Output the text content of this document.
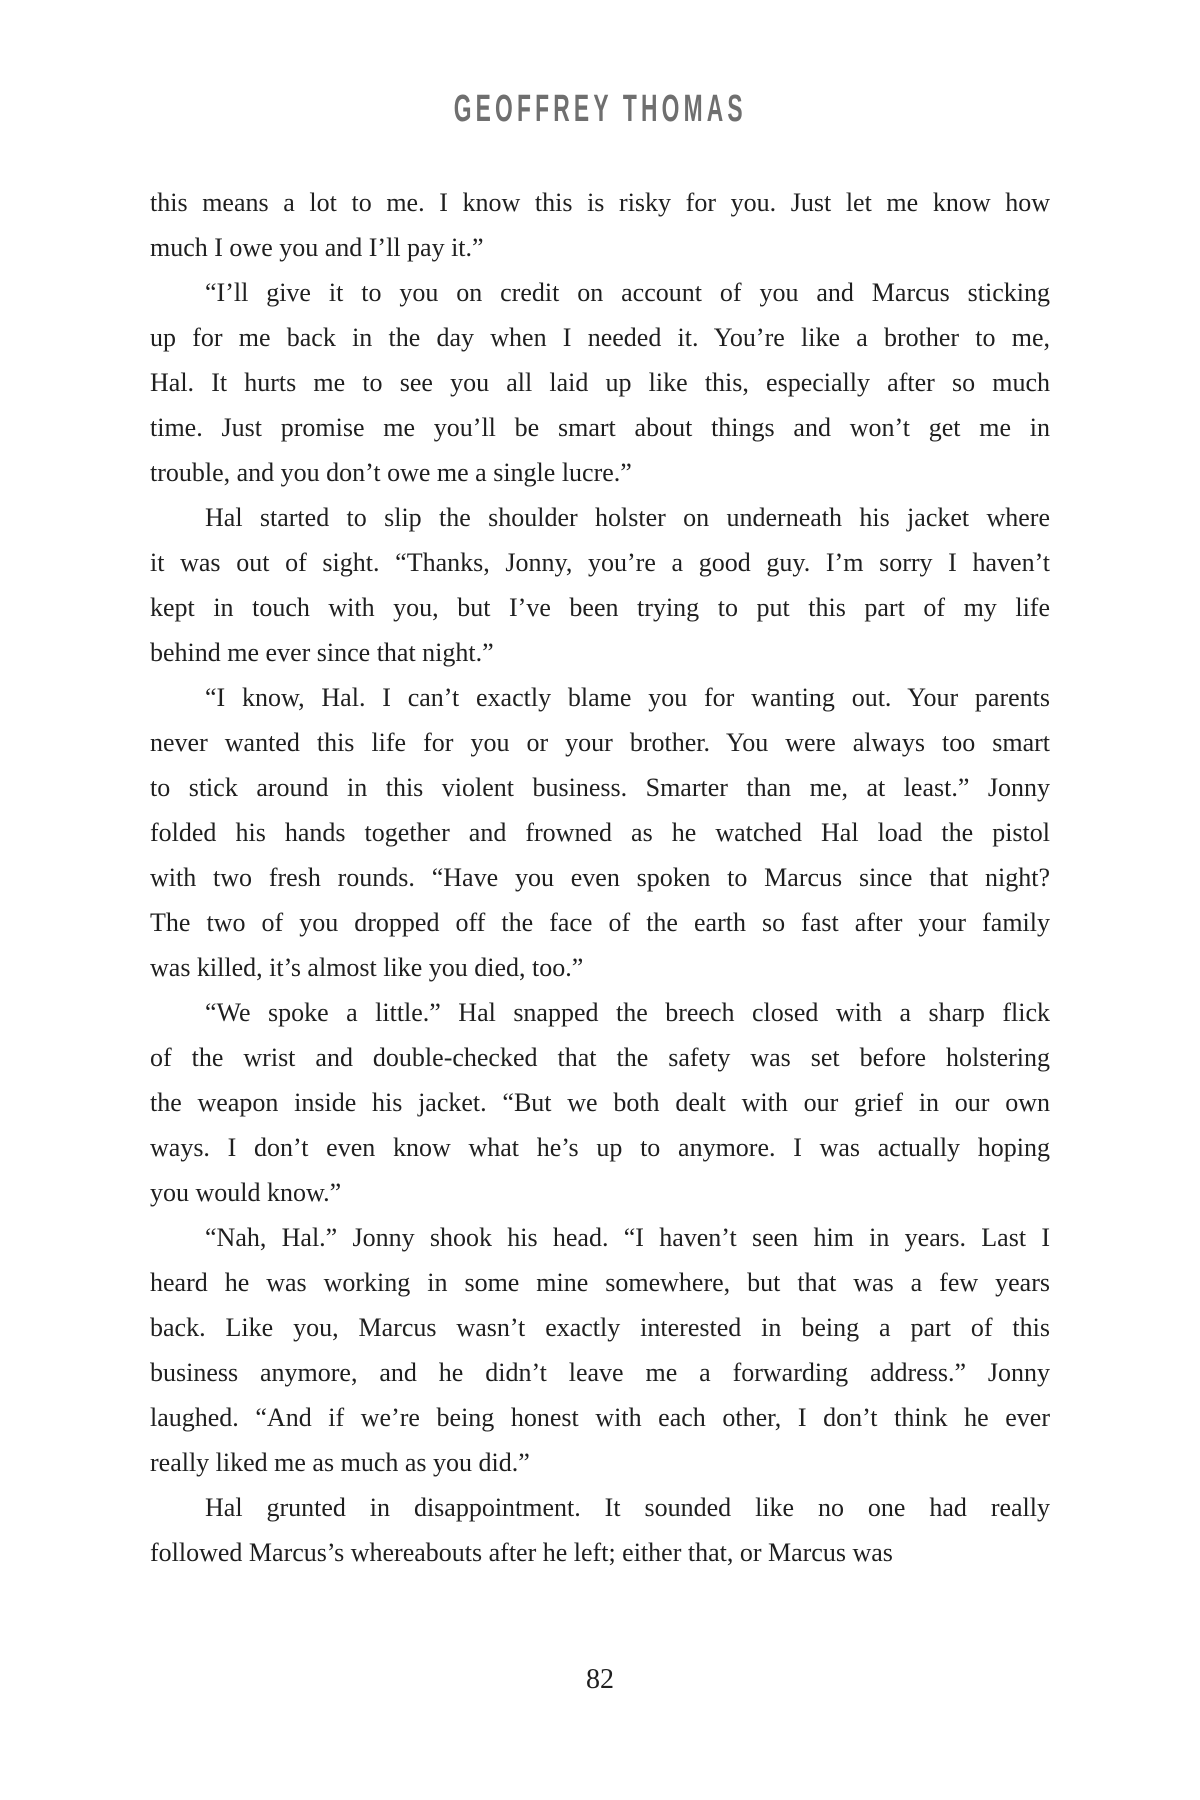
GEOFFREY THOMAS
this means a lot to me. I know this is risky for you. Just let me know how
much I owe you and I’ll pay it.”
“I’ll give it to you on credit on account of you and Marcus sticking
up for me back in the day when I needed it. You’re like a brother to me,
Hal. It hurts me to see you all laid up like this, especially after so much
time. Just promise me you’ll be smart about things and won’t get me in
trouble, and you don’t owe me a single lucre.”
Hal started to slip the shoulder holster on underneath his jacket where
it was out of sight. “Thanks, Jonny, you’re a good guy. I’m sorry I haven’t
kept in touch with you, but I’ve been trying to put this part of my life
behind me ever since that night.”
“I know, Hal. I can’t exactly blame you for wanting out. Your parents
never wanted this life for you or your brother. You were always too smart
to stick around in this violent business. Smarter than me, at least.” Jonny
folded his hands together and frowned as he watched Hal load the pistol
with two fresh rounds. “Have you even spoken to Marcus since that night?
The two of you dropped off the face of the earth so fast after your family
was killed, it’s almost like you died, too.”
“We spoke a little.” Hal snapped the breech closed with a sharp flick
of the wrist and double-checked that the safety was set before holstering
the weapon inside his jacket. “But we both dealt with our grief in our own
ways. I don’t even know what he’s up to anymore. I was actually hoping
you would know.”
“Nah, Hal.” Jonny shook his head. “I haven’t seen him in years. Last I
heard he was working in some mine somewhere, but that was a few years
back. Like you, Marcus wasn’t exactly interested in being a part of this
business anymore, and he didn’t leave me a forwarding address.” Jonny
laughed. “And if we’re being honest with each other, I don’t think he ever
really liked me as much as you did.”
Hal grunted in disappointment. It sounded like no one had really
followed Marcus’s whereabouts after he left; either that, or Marcus was
82
